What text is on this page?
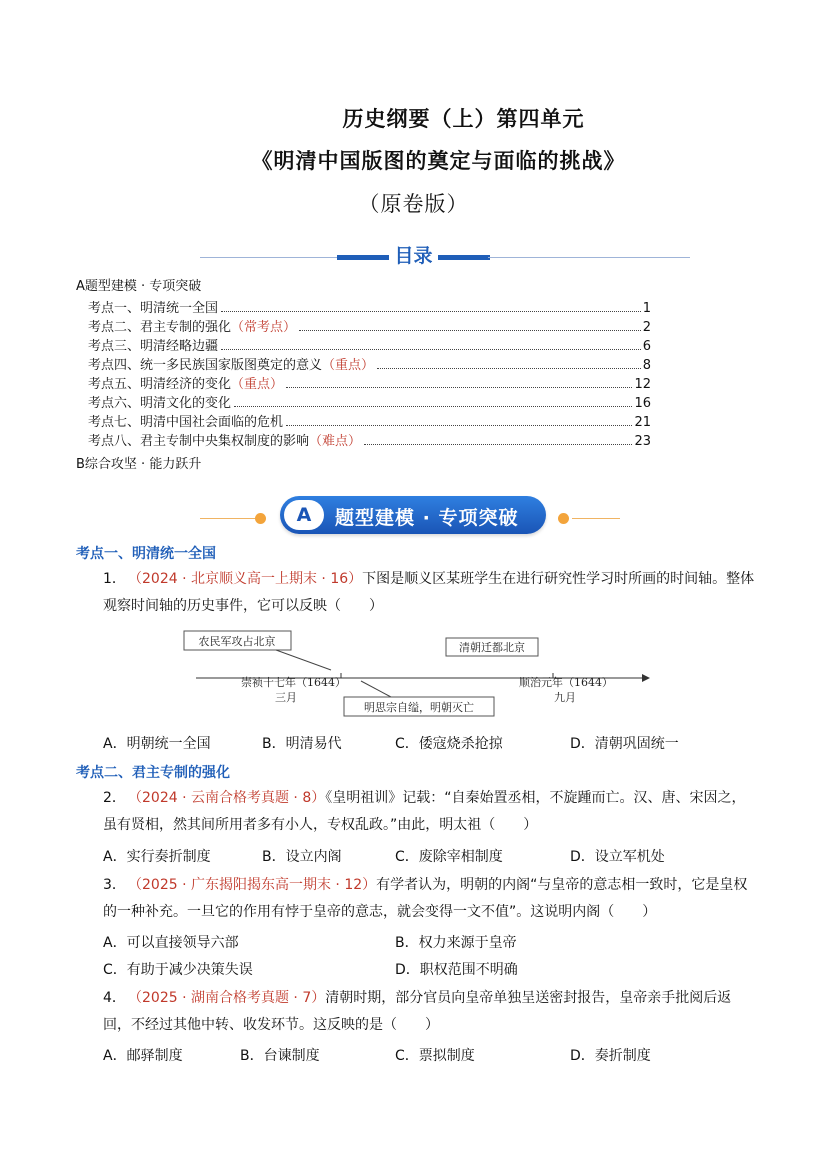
历史纲要（上）第四单元
《明清中国版图的奠定与面临的挑战》
（原卷版）
目录
A题型建模 · 专项突破
考点一、明清统一全国	1
考点二、君主专制的强化 （常考点）	2
考点三、明清经略边疆	6
考点四、统一多民族国家版图奠定的意义 （重点）	8
考点五、明清经济的变化 （重点）	12
考点六、明清文化的变化	16
考点七、明清中国社会面临的危机	21
考点八、君主专制中央集权制度的影响 （难点）	23
B综合攻坚 · 能力跃升
A	题型建模 · 专项突破
考点一、明清统一全国
1． （2024 · 北京顺义高一上期末 · 16）下图是顺义区某班学生在进行研究性学习时所画的时间轴。整体观察时间轴的历史事件，它可以反映（　　）

农民军攻占北京	清朝迁都北京
崇祯十七年（1644）
三月
顺治元年（1644）
九月
明思宗自缢，明朝灭亡
A．明朝统一全国	B．明清易代	C．倭寇烧杀抢掠	D．清朝巩固统一
考点二、君主专制的强化
2． （2024 · 云南合格考真题 · 8）《皇明祖训》记载：“自秦始置丞相，不旋踵而亡。汉、唐、宋因之，虽有贤相，然其间所用者多有小人，专权乱政。”由此，明太祖（　　）

A．实行奏折制度	B．设立内阁	C．废除宰相制度	D．设立军机处
3． （2025 · 广东揭阳揭东高一期末 · 12）有学者认为，明朝的内阁“与皇帝的意志相一致时，它是皇权的一种补充。一旦它的作用有悖于皇帝的意志，就会变得一文不值”。这说明内阁（　　）

A．可以直接领导六部	B．权力来源于皇帝
C．有助于减少决策失误	D．职权范围不明确
4． （2025 · 湖南合格考真题 · 7）清朝时期，部分官员向皇帝单独呈送密封报告，皇帝亲手批阅后返回，不经过其他中转、收发环节。这反映的是（　　）

A．邮驿制度	B．台谏制度	C．票拟制度	D．奏折制度
